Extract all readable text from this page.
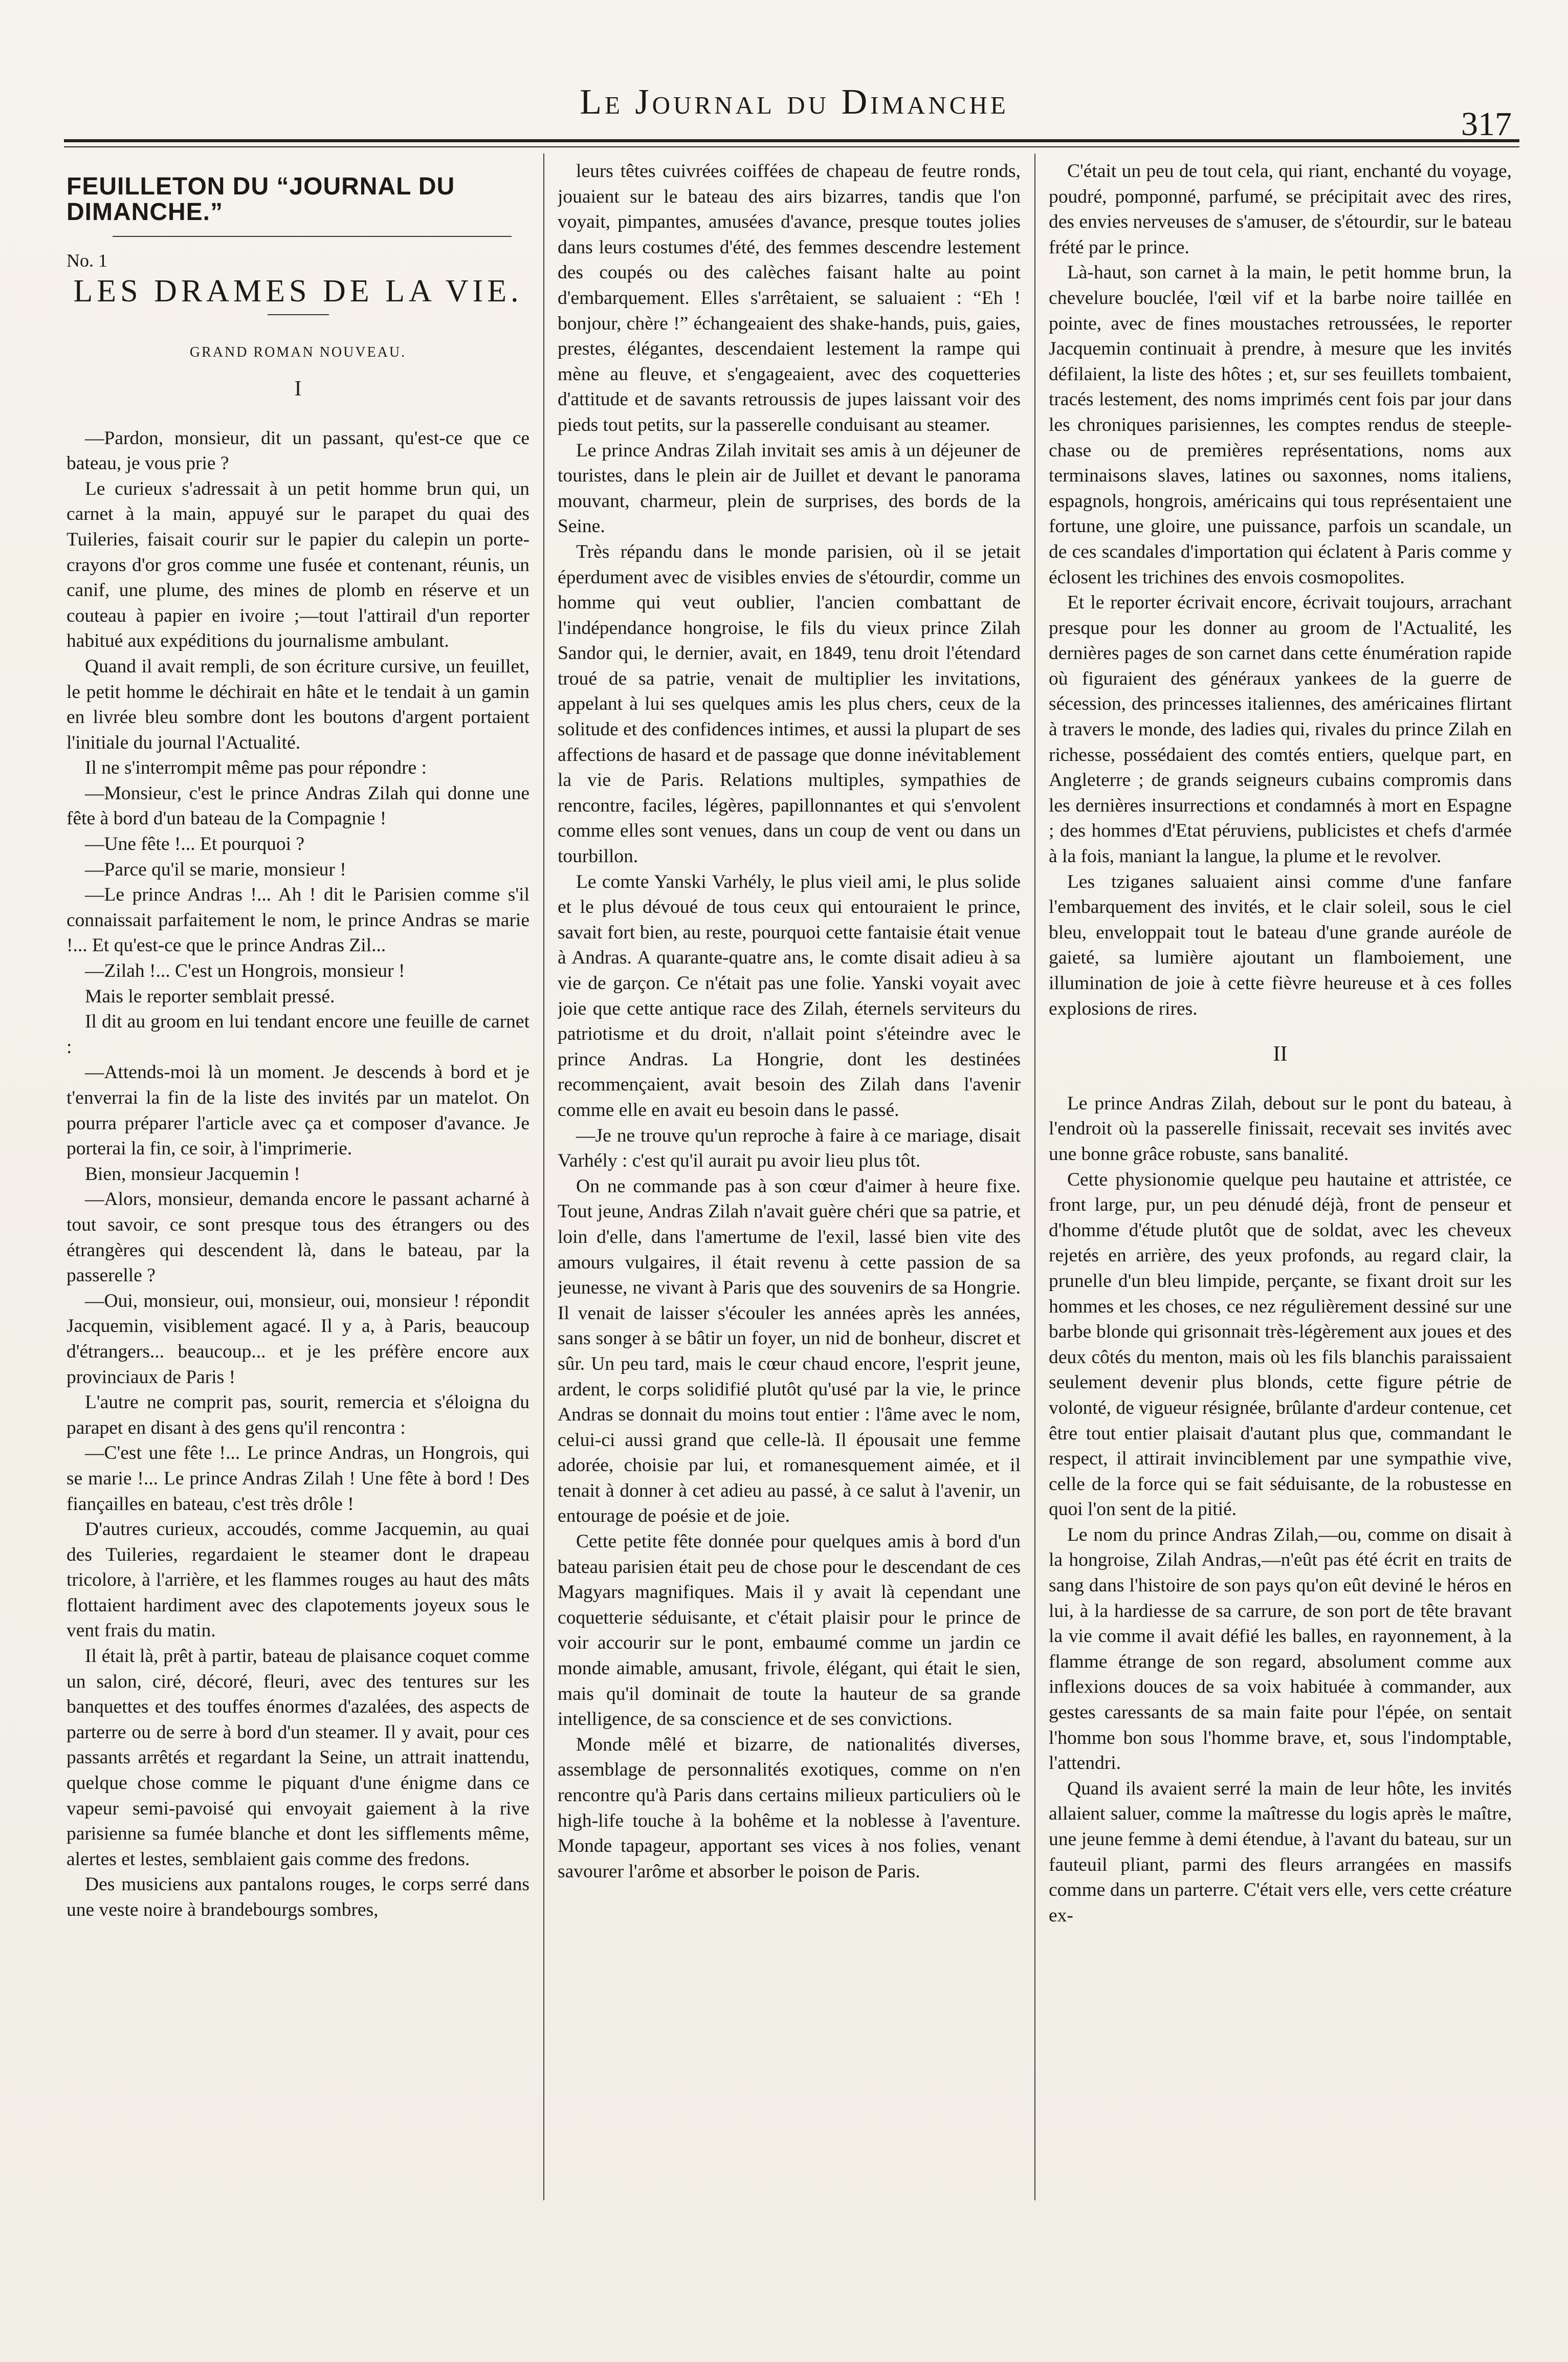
Le Journal du Dimanche
317

FEUILLETON DU “JOURNAL DU DIMANCHE.”

No. 1

LES DRAMES DE LA VIE.

GRAND ROMAN NOUVEAU.

I

—Pardon, monsieur, dit un passant, qu'est-ce que ce bateau, je vous prie ?

Le curieux s'adressait à un petit homme brun qui, un carnet à la main, appuyé sur le parapet du quai des Tuileries, faisait courir sur le papier du calepin un porte-crayons d'or gros comme une fusée et contenant, réunis, un canif, une plume, des mines de plomb en réserve et un couteau à papier en ivoire ;—tout l'attirail d'un reporter habitué aux expéditions du journalisme ambulant.

Quand il avait rempli, de son écriture cursive, un feuillet, le petit homme le déchirait en hâte et le tendait à un gamin en livrée bleu sombre dont les boutons d'argent portaient l'initiale du journal l'Actualité.

Il ne s'interrompit même pas pour répondre :

—Monsieur, c'est le prince Andras Zilah qui donne une fête à bord d'un bateau de la Compagnie !

—Une fête !... Et pourquoi ?

—Parce qu'il se marie, monsieur !

—Le prince Andras !... Ah ! dit le Parisien comme s'il connaissait parfaitement le nom, le prince Andras se marie !... Et qu'est-ce que le prince Andras Zil...

—Zilah !... C'est un Hongrois, monsieur !

Mais le reporter semblait pressé.

Il dit au groom en lui tendant encore une feuille de carnet :

—Attends-moi là un moment. Je descends à bord et je t'enverrai la fin de la liste des invités par un matelot. On pourra préparer l'article avec ça et composer d'avance. Je porterai la fin, ce soir, à l'imprimerie.

Bien, monsieur Jacquemin !

—Alors, monsieur, demanda encore le passant acharné à tout savoir, ce sont presque tous des étrangers ou des étrangères qui descendent là, dans le bateau, par la passerelle ?

—Oui, monsieur, oui, monsieur, oui, monsieur ! répondit Jacquemin, visiblement agacé. Il y a, à Paris, beaucoup d'étrangers... beaucoup... et je les préfère encore aux provinciaux de Paris !

L'autre ne comprit pas, sourit, remercia et s'éloigna du parapet en disant à des gens qu'il rencontra :

—C'est une fête !... Le prince Andras, un Hongrois, qui se marie !... Le prince Andras Zilah ! Une fête à bord ! Des fiançailles en bateau, c'est très drôle !

D'autres curieux, accoudés, comme Jacquemin, au quai des Tuileries, regardaient le steamer dont le drapeau tricolore, à l'arrière, et les flammes rouges au haut des mâts flottaient hardiment avec des clapotements joyeux sous le vent frais du matin.

Il était là, prêt à partir, bateau de plaisance coquet comme un salon, ciré, décoré, fleuri, avec des tentures sur les banquettes et des touffes énormes d'azalées, des aspects de parterre ou de serre à bord d'un steamer. Il y avait, pour ces passants arrêtés et regardant la Seine, un attrait inattendu, quelque chose comme le piquant d'une énigme dans ce vapeur semi-pavoisé qui envoyait gaiement à la rive parisienne sa fumée blanche et dont les sifflements même, alertes et lestes, semblaient gais comme des fredons.

Des musiciens aux pantalons rouges, le corps serré dans une veste noire à brandebourgs sombres,

leurs têtes cuivrées coiffées de chapeau de feutre ronds, jouaient sur le bateau des airs bizarres, tandis que l'on voyait, pimpantes, amusées d'avance, presque toutes jolies dans leurs costumes d'été, des femmes descendre lestement des coupés ou des calèches faisant halte au point d'embarquement. Elles s'arrêtaient, se saluaient : “Eh ! bonjour, chère !” échangeaient des shake-hands, puis, gaies, prestes, élégantes, descendaient lestement la rampe qui mène au fleuve, et s'engageaient, avec des coquetteries d'attitude et de savants retroussis de jupes laissant voir des pieds tout petits, sur la passerelle conduisant au steamer.

Le prince Andras Zilah invitait ses amis à un déjeuner de touristes, dans le plein air de Juillet et devant le panorama mouvant, charmeur, plein de surprises, des bords de la Seine.

Très répandu dans le monde parisien, où il se jetait éperdument avec de visibles envies de s'étourdir, comme un homme qui veut oublier, l'ancien combattant de l'indépendance hongroise, le fils du vieux prince Zilah Sandor qui, le dernier, avait, en 1849, tenu droit l'étendard troué de sa patrie, venait de multiplier les invitations, appelant à lui ses quelques amis les plus chers, ceux de la solitude et des confidences intimes, et aussi la plupart de ses affections de hasard et de passage que donne inévitablement la vie de Paris. Relations multiples, sympathies de rencontre, faciles, légères, papillonnantes et qui s'envolent comme elles sont venues, dans un coup de vent ou dans un tourbillon.

Le comte Yanski Varhély, le plus vieil ami, le plus solide et le plus dévoué de tous ceux qui entouraient le prince, savait fort bien, au reste, pourquoi cette fantaisie était venue à Andras. A quarante-quatre ans, le comte disait adieu à sa vie de garçon. Ce n'était pas une folie. Yanski voyait avec joie que cette antique race des Zilah, éternels serviteurs du patriotisme et du droit, n'allait point s'éteindre avec le prince Andras. La Hongrie, dont les destinées recommençaient, avait besoin des Zilah dans l'avenir comme elle en avait eu besoin dans le passé.

—Je ne trouve qu'un reproche à faire à ce mariage, disait Varhély : c'est qu'il aurait pu avoir lieu plus tôt.

On ne commande pas à son cœur d'aimer à heure fixe. Tout jeune, Andras Zilah n'avait guère chéri que sa patrie, et loin d'elle, dans l'amertume de l'exil, lassé bien vite des amours vulgaires, il était revenu à cette passion de sa jeunesse, ne vivant à Paris que des souvenirs de sa Hongrie. Il venait de laisser s'écouler les années après les années, sans songer à se bâtir un foyer, un nid de bonheur, discret et sûr. Un peu tard, mais le cœur chaud encore, l'esprit jeune, ardent, le corps solidifié plutôt qu'usé par la vie, le prince Andras se donnait du moins tout entier : l'âme avec le nom, celui-ci aussi grand que celle-là. Il épousait une femme adorée, choisie par lui, et romanesquement aimée, et il tenait à donner à cet adieu au passé, à ce salut à l'avenir, un entourage de poésie et de joie.

Cette petite fête donnée pour quelques amis à bord d'un bateau parisien était peu de chose pour le descendant de ces Magyars magnifiques. Mais il y avait là cependant une coquetterie séduisante, et c'était plaisir pour le prince de voir accourir sur le pont, embaumé comme un jardin ce monde aimable, amusant, frivole, élégant, qui était le sien, mais qu'il dominait de toute la hauteur de sa grande intelligence, de sa conscience et de ses convictions.

Monde mêlé et bizarre, de nationalités diverses, assemblage de personnalités exotiques, comme on n'en rencontre qu'à Paris dans certains milieux particuliers où le high-life touche à la bohême et la noblesse à l'aventure. Monde tapageur, apportant ses vices à nos folies, venant savourer l'arôme et absorber le poison de Paris.

C'était un peu de tout cela, qui riant, enchanté du voyage, poudré, pomponné, parfumé, se précipitait avec des rires, des envies nerveuses de s'amuser, de s'étourdir, sur le bateau frété par le prince.

Là-haut, son carnet à la main, le petit homme brun, la chevelure bouclée, l'œil vif et la barbe noire taillée en pointe, avec de fines moustaches retroussées, le reporter Jacquemin continuait à prendre, à mesure que les invités défilaient, la liste des hôtes ; et, sur ses feuillets tombaient, tracés lestement, des noms imprimés cent fois par jour dans les chroniques parisiennes, les comptes rendus de steeple-chase ou de premières représentations, noms aux terminaisons slaves, latines ou saxonnes, noms italiens, espagnols, hongrois, américains qui tous représentaient une fortune, une gloire, une puissance, parfois un scandale, un de ces scandales d'importation qui éclatent à Paris comme y éclosent les trichines des envois cosmopolites.

Et le reporter écrivait encore, écrivait toujours, arrachant presque pour les donner au groom de l'Actualité, les dernières pages de son carnet dans cette énumération rapide où figuraient des généraux yankees de la guerre de sécession, des princesses italiennes, des américaines flirtant à travers le monde, des ladies qui, rivales du prince Zilah en richesse, possédaient des comtés entiers, quelque part, en Angleterre ; de grands seigneurs cubains compromis dans les dernières insurrections et condamnés à mort en Espagne ; des hommes d'Etat péruviens, publicistes et chefs d'armée à la fois, maniant la langue, la plume et le revolver.

Les tziganes saluaient ainsi comme d'une fanfare l'embarquement des invités, et le clair soleil, sous le ciel bleu, enveloppait tout le bateau d'une grande auréole de gaieté, sa lumière ajoutant un flamboiement, une illumination de joie à cette fièvre heureuse et à ces folles explosions de rires.

II

Le prince Andras Zilah, debout sur le pont du bateau, à l'endroit où la passerelle finissait, recevait ses invités avec une bonne grâce robuste, sans banalité.

Cette physionomie quelque peu hautaine et attristée, ce front large, pur, un peu dénudé déjà, front de penseur et d'homme d'étude plutôt que de soldat, avec les cheveux rejetés en arrière, des yeux profonds, au regard clair, la prunelle d'un bleu limpide, perçante, se fixant droit sur les hommes et les choses, ce nez régulièrement dessiné sur une barbe blonde qui grisonnait très-légèrement aux joues et des deux côtés du menton, mais où les fils blanchis paraissaient seulement devenir plus blonds, cette figure pétrie de volonté, de vigueur résignée, brûlante d'ardeur contenue, cet être tout entier plaisait d'autant plus que, commandant le respect, il attirait invinciblement par une sympathie vive, celle de la force qui se fait séduisante, de la robustesse en quoi l'on sent de la pitié.

Le nom du prince Andras Zilah,—ou, comme on disait à la hongroise, Zilah Andras,—n'eût pas été écrit en traits de sang dans l'histoire de son pays qu'on eût deviné le héros en lui, à la hardiesse de sa carrure, de son port de tête bravant la vie comme il avait défié les balles, en rayonnement, à la flamme étrange de son regard, absolument comme aux inflexions douces de sa voix habituée à commander, aux gestes caressants de sa main faite pour l'épée, on sentait l'homme bon sous l'homme brave, et, sous l'indomptable, l'attendri.

Quand ils avaient serré la main de leur hôte, les invités allaient saluer, comme la maîtresse du logis après le maître, une jeune femme à demi étendue, à l'avant du bateau, sur un fauteuil pliant, parmi des fleurs arrangées en massifs comme dans un parterre. C'était vers elle, vers cette créature ex-
